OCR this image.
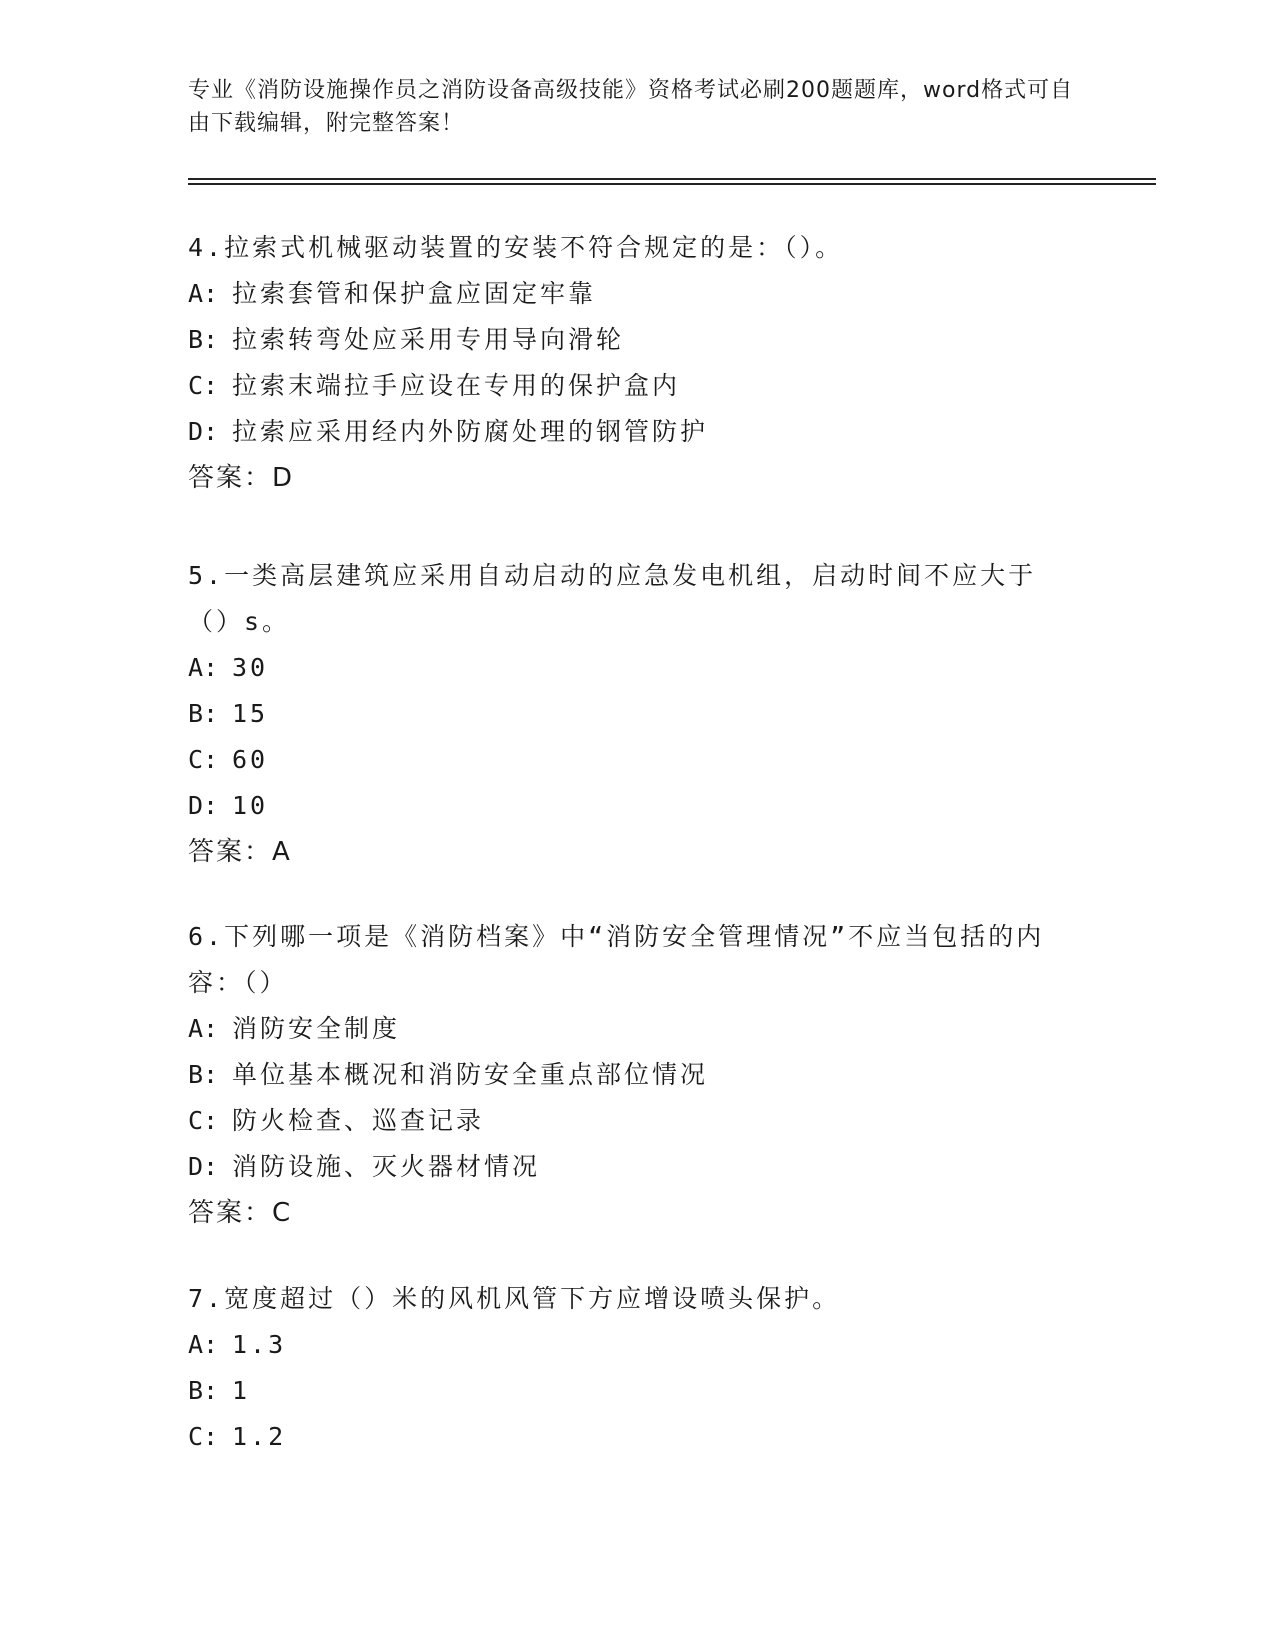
专业《消防设施操作员之消防设备高级技能》资格考试必刷200题题库，word格式可自由下载编辑，附完整答案！
4.拉索式机械驱动装置的安装不符合规定的是：（）。
A: 拉索套管和保护盒应固定牢靠
B: 拉索转弯处应采用专用导向滑轮
C: 拉索末端拉手应设在专用的保护盒内
D: 拉索应采用经内外防腐处理的钢管防护
答案：D
5.一类高层建筑应采用自动启动的应急发电机组，启动时间不应大于（）s。
A: 30
B: 15
C: 60
D: 10
答案：A
6.下列哪一项是《消防档案》中“消防安全管理情况”不应当包括的内容：（）
A: 消防安全制度
B: 单位基本概况和消防安全重点部位情况
C: 防火检查、巡查记录
D: 消防设施、灭火器材情况
答案：C
7.宽度超过（）米的风机风管下方应增设喷头保护。
A: 1.3
B: 1
C: 1.2
